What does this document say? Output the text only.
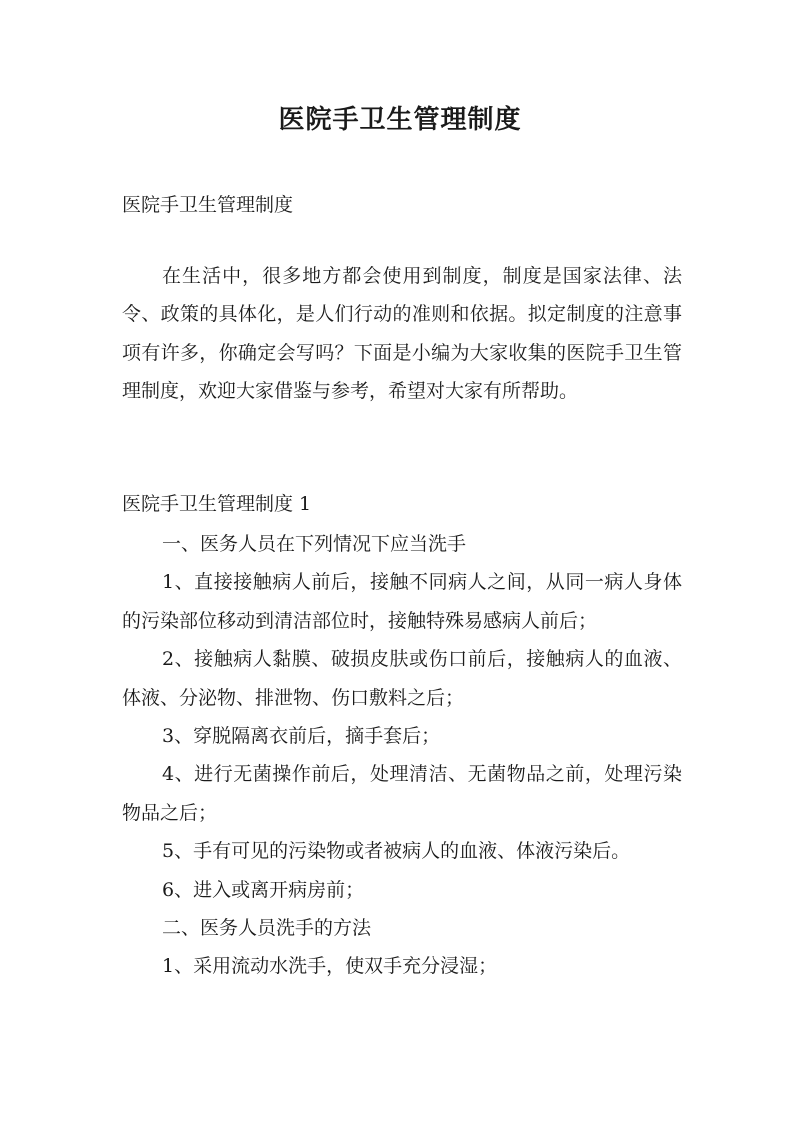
医院手卫生管理制度
医院手卫生管理制度

在生活中，很多地方都会使用到制度，制度是国家法律、法令、政策的具体化，是人们行动的准则和依据。拟定制度的注意事项有许多，你确定会写吗？下面是小编为大家收集的医院手卫生管理制度，欢迎大家借鉴与参考，希望对大家有所帮助。

医院手卫生管理制度 1

一、医务人员在下列情况下应当洗手

1、直接接触病人前后，接触不同病人之间，从同一病人身体的污染部位移动到清洁部位时，接触特殊易感病人前后；

2、接触病人黏膜、破损皮肤或伤口前后，接触病人的血液、体液、分泌物、排泄物、伤口敷料之后；

3、穿脱隔离衣前后，摘手套后；

4、进行无菌操作前后，处理清洁、无菌物品之前，处理污染物品之后；

5、手有可见的污染物或者被病人的血液、体液污染后。

6、进入或离开病房前；

二、医务人员洗手的方法

1、采用流动水洗手，使双手充分浸湿；
